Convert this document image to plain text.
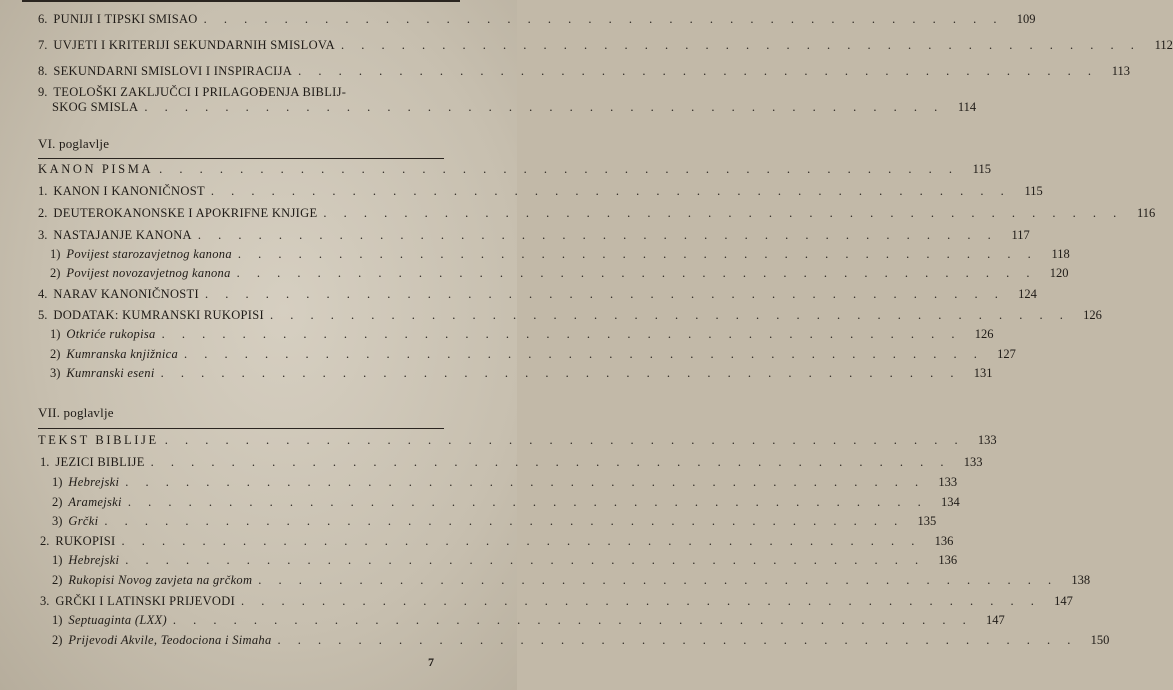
6. PUNIJI I TIPSKI SMISAO . . . . . . . . . . . . . . . . . . . . . . . . . . . . . . . . . . . . . . . .	109
7. UVJETI I KRITERIJI SEKUNDARNIH SMISLOVA . . . . . . . . . . . . . . . . . . . . . . . . . . . . . . . . . . . . . . . .	112
8. SEKUNDARNI SMISLOVI I INSPIRACIJA . . . . . . . . . . . . . . . . . . . . . . . . . . . . . . . . . . . . . . . .	113
9. TEOLOŠKI ZAKLJUČCI I PRILAGOĐENJA BIBLIJ-
SKOG SMISLA . . . . . . . . . . . . . . . . . . . . . . . . . . . . . . . . . . . . . . . .	114
VI. poglavlje
KANON PISMA . . . . . . . . . . . . . . . . . . . . . . . . . . . . . . . . . . . . . . . .	115
1. KANON I KANONIČNOST . . . . . . . . . . . . . . . . . . . . . . . . . . . . . . . . . . . . . . . .	115
2. DEUTEROKANONSKE I APOKRIFNE KNJIGE . . . . . . . . . . . . . . . . . . . . . . . . . . . . . . . . . . . . . . . .	116
3. NASTAJANJE KANONA . . . . . . . . . . . . . . . . . . . . . . . . . . . . . . . . . . . . . . . .	117
1) Povijest starozavjetnog kanona . . . . . . . . . . . . . . . . . . . . . . . . . . . . . . . . . . . . . . . .	118
2) Povijest novozavjetnog kanona . . . . . . . . . . . . . . . . . . . . . . . . . . . . . . . . . . . . . . . .	120
4. NARAV KANONIČNOSTI . . . . . . . . . . . . . . . . . . . . . . . . . . . . . . . . . . . . . . . .	124
5. DODATAK: KUMRANSKI RUKOPISI . . . . . . . . . . . . . . . . . . . . . . . . . . . . . . . . . . . . . . . .	126
1) Otkriće rukopisa . . . . . . . . . . . . . . . . . . . . . . . . . . . . . . . . . . . . . . . .	126
2) Kumranska knjižnica . . . . . . . . . . . . . . . . . . . . . . . . . . . . . . . . . . . . . . . .	127
3) Kumranski eseni . . . . . . . . . . . . . . . . . . . . . . . . . . . . . . . . . . . . . . . .	131
VII. poglavlje
TEKST BIBLIJE . . . . . . . . . . . . . . . . . . . . . . . . . . . . . . . . . . . . . . . .	133
1. JEZICI BIBLIJE . . . . . . . . . . . . . . . . . . . . . . . . . . . . . . . . . . . . . . . .	133
1) Hebrejski . . . . . . . . . . . . . . . . . . . . . . . . . . . . . . . . . . . . . . . .	133
2) Aramejski . . . . . . . . . . . . . . . . . . . . . . . . . . . . . . . . . . . . . . . .	134
3) Grčki . . . . . . . . . . . . . . . . . . . . . . . . . . . . . . . . . . . . . . . .	135
2. RUKOPISI . . . . . . . . . . . . . . . . . . . . . . . . . . . . . . . . . . . . . . . .	136
1) Hebrejski . . . . . . . . . . . . . . . . . . . . . . . . . . . . . . . . . . . . . . . .	136
2) Rukopisi Novog zavjeta na grčkom . . . . . . . . . . . . . . . . . . . . . . . . . . . . . . . . . . . . . . . .	138
3. GRČKI I LATINSKI PRIJEVODI . . . . . . . . . . . . . . . . . . . . . . . . . . . . . . . . . . . . . . . .	147
1) Septuaginta (LXX) . . . . . . . . . . . . . . . . . . . . . . . . . . . . . . . . . . . . . . . .	147
2) Prijevodi Akvile, Teodociona i Simaha . . . . . . . . . . . . . . . . . . . . . . . . . . . . . . . . . . . . . . . .	150
7
